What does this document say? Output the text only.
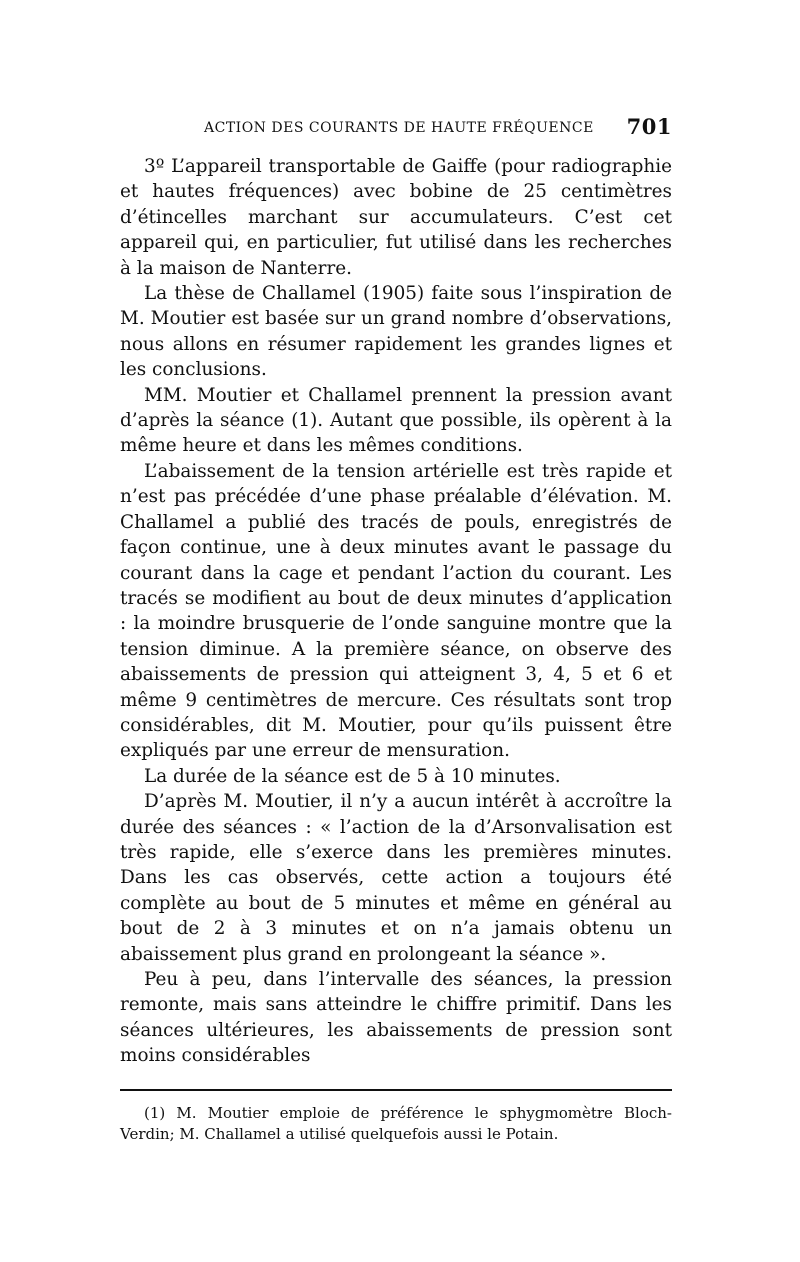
ACTION DES COURANTS DE HAUTE FRÉQUENCE 701

3º L’appareil transportable de Gaiffe (pour radiographie et hautes fréquences) avec bobine de 25 centimètres d’étincelles marchant sur accumulateurs. C’est cet appareil qui, en particulier, fut utilisé dans les recherches à la maison de Nanterre.

La thèse de Challamel (1905) faite sous l’inspiration de M. Moutier est basée sur un grand nombre d’observations, nous allons en résumer rapidement les grandes lignes et les conclusions.

MM. Moutier et Challamel prennent la pression avant d’après la séance (1). Autant que possible, ils opèrent à la même heure et dans les mêmes conditions.

L’abaissement de la tension artérielle est très rapide et n’est pas précédée d’une phase préalable d’élévation. M. Challamel a publié des tracés de pouls, enregistrés de façon continue, une à deux minutes avant le passage du courant dans la cage et pendant l’action du courant. Les tracés se modifient au bout de deux minutes d’application : la moindre brusquerie de l’onde sanguine montre que la tension diminue. A la première séance, on observe des abaissements de pression qui atteignent 3, 4, 5 et 6 et même 9 centimètres de mercure. Ces résultats sont trop considérables, dit M. Moutier, pour qu’ils puissent être expliqués par une erreur de mensuration.

La durée de la séance est de 5 à 10 minutes.

D’après M. Moutier, il n’y a aucun intérêt à accroître la durée des séances : « l’action de la d’Arsonvalisation est très rapide, elle s’exerce dans les premières minutes. Dans les cas observés, cette action a toujours été complète au bout de 5 minutes et même en général au bout de 2 à 3 minutes et on n’a jamais obtenu un abaissement plus grand en prolongeant la séance ».

Peu à peu, dans l’intervalle des séances, la pression remonte, mais sans atteindre le chiffre primitif. Dans les séances ultérieures, les abaissements de pression sont moins considérables

(1) M. Moutier emploie de préférence le sphygmomètre Bloch-Verdin; M. Challamel a utilisé quelquefois aussi le Potain.
